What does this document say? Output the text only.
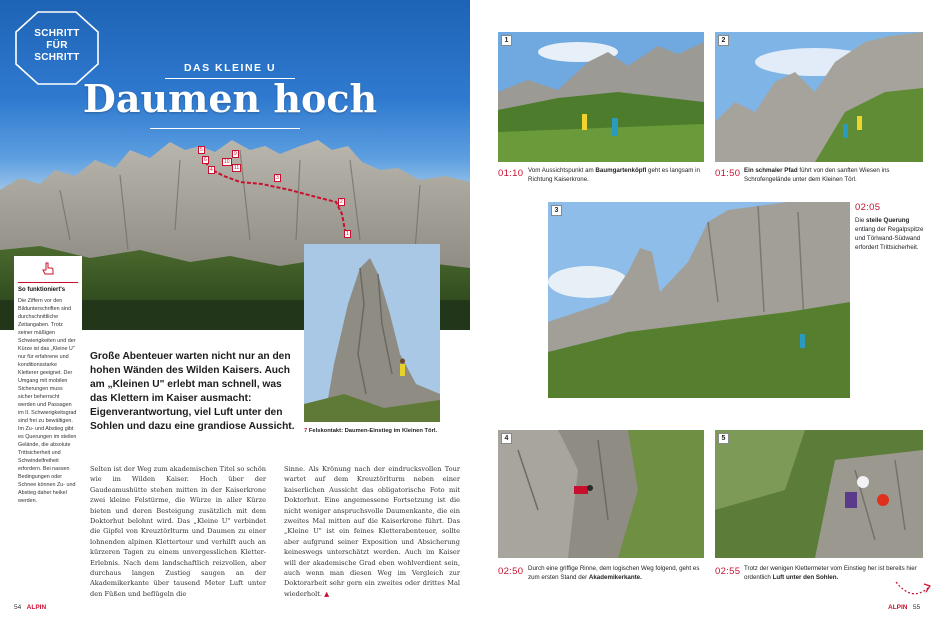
5
6
9
10
11
4
3
2
1
SCHRITT
FÜR
SCHRITT
DAS KLEINE U
Daumen hoch
So funktioniert's
Die Ziffern vor den Bildunterschriften sind durchschnittliche Zeitangaben. Trotz seiner mäßigen Schwierigkeiten und der Kürze ist das „Kleine U" nur für erfahrene und konditionsstarke Kletterer geeignet. Der Umgang mit mobilen Sicherungen muss sicher beherrscht werden und Passagen im II. Schwierigkeitsgrad sind frei zu bewältigen. Im Zu- und Abstieg gibt es Querungen im steilen Gelände, die absolute Trittsicherheit und Schwindelfreiheit erfordern. Bei nassen Bedingungen oder Schnee können Zu- und Abstieg daher heikel werden.
7 Felskontakt: Daumen-Einstieg im Kleinen Törl.
Große Abenteuer warten nicht nur an den hohen Wänden des Wilden Kaisers. Auch am „Kleinen U" erlebt man schnell, was das Klettern im Kaiser ausmacht: Eigenverantwortung, viel Luft unter den Sohlen und dazu eine grandiose Aussicht.
Selten ist der Weg zum akademischen Titel so schön wie im Wilden Kaiser. Hoch über der Gaudeamushütte stehen mitten in der Kaiserkrone zwei kleine Felstürme, die Würze in aller Kürze bieten und deren Besteigung zusätzlich mit dem Doktorhut belohnt wird. Das „Kleine U" verbindet die Gipfel von Kreuztörlturm und Daumen zu einer lohnenden alpinen Klettertour und verhilft auch an kürzeren Tagen zu einem unvergesslichen Kletter-Erlebnis. Nach dem landschaftlich reizvollen, aber durchaus langen Zustieg saugen an der Akademikerkante über tausend Meter Luft unter den Füßen und beflügeln die
Sinne. Als Krönung nach der eindrucksvollen Tour wartet auf dem Kreuztörlturm neben einer kaiserlichen Aussicht das obligatorische Foto mit Doktorhut. Eine angemessene Fortsetzung ist die nicht weniger anspruchsvolle Daumenkante, die ein zweites Mal mitten auf die Kaiserkrone führt. Das „Kleine U" ist ein feines Kletterabenteuer, sollte aber aufgrund seiner Exposition und Absicherung keineswegs unterschätzt werden. Auch im Kaiser will der akademische Grad eben wohlverdient sein, auch wenn man diesen Weg im Vergleich zur Doktorarbeit sehr gern ein zweites oder drittes Mal wiederholt. ▲
54 ALPIN
1
01:10 Vom Aussichtspunkt am Baumgartenköpfl geht es langsam in Richtung Kaiserkrone.
2
01:50 Ein schmaler Pfad führt von den sanften Wiesen ins Schrofengelände unter dem Kleinen Törl.
3	02:05
Die steile Querung entlang der Regalpspitze und Törlwand-Südwand erfordert Trittsicherheit.
4
02:50 Durch eine griffige Rinne, dem logischen Weg folgend, geht es zum ersten Stand der Akademikerkante.
5
02:55 Trotz der wenigen Klettermeter vom Einstieg her ist bereits hier ordentlich Luft unter den Sohlen.
ALPIN 55
